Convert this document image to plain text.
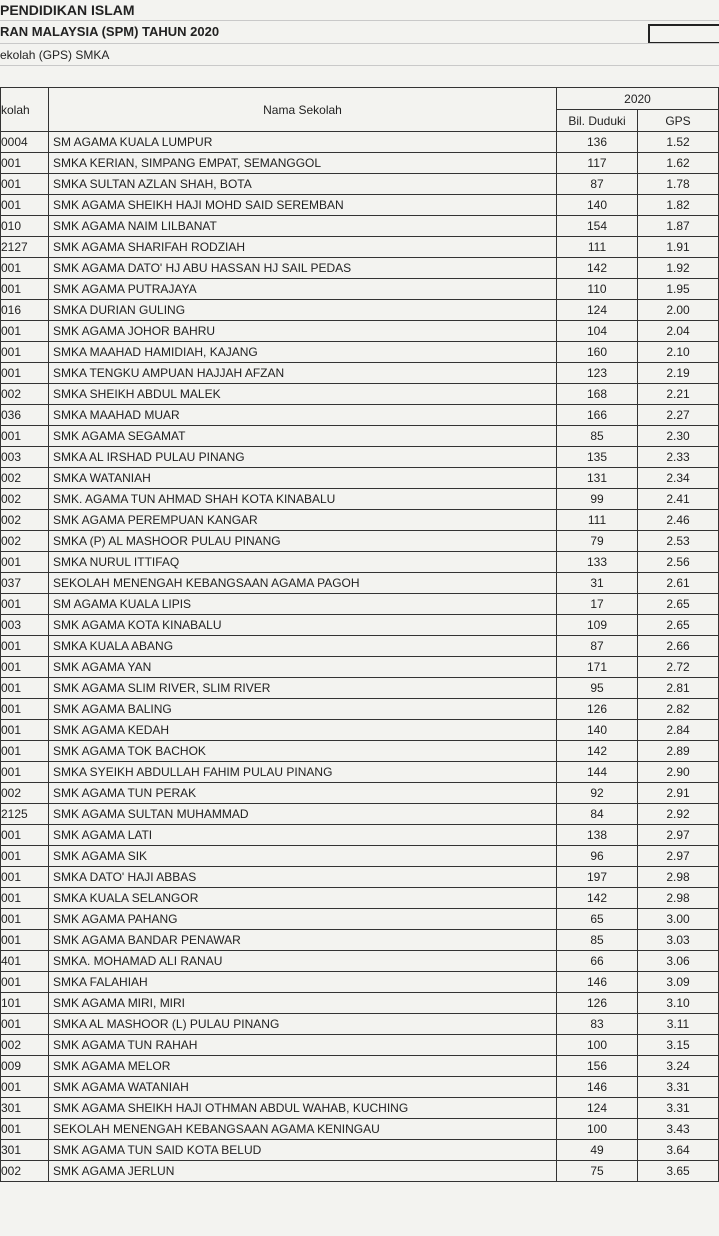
PENDIDIKAN ISLAM
RAN MALAYSIA (SPM) TAHUN 2020
ekolah (GPS) SMKA
kolah	Nama Sekolah	2020	
		Bil. Duduki	GPS
0004	SM AGAMA KUALA LUMPUR	136	1.52
001	SMKA KERIAN, SIMPANG EMPAT, SEMANGGOL	117	1.62
001	SMKA SULTAN AZLAN SHAH, BOTA	87	1.78
001	SMK AGAMA SHEIKH HAJI MOHD SAID SEREMBAN	140	1.82
010	SMK AGAMA NAIM LILBANAT	154	1.87
2127	SMK AGAMA SHARIFAH RODZIAH	111	1.91
001	SMK AGAMA DATO' HJ ABU HASSAN HJ SAIL PEDAS	142	1.92
001	SMK AGAMA PUTRAJAYA	110	1.95
016	SMKA DURIAN GULING	124	2.00
001	SMK AGAMA JOHOR BAHRU	104	2.04
001	SMKA MAAHAD HAMIDIAH, KAJANG	160	2.10
001	SMKA TENGKU AMPUAN HAJJAH AFZAN	123	2.19
002	SMKA SHEIKH ABDUL MALEK	168	2.21
036	SMKA MAAHAD MUAR	166	2.27
001	SMK AGAMA SEGAMAT	85	2.30
003	SMKA AL IRSHAD PULAU PINANG	135	2.33
002	SMKA WATANIAH	131	2.34
002	SMK. AGAMA TUN AHMAD SHAH KOTA KINABALU	99	2.41
002	SMK AGAMA PEREMPUAN KANGAR	111	2.46
002	SMKA (P) AL MASHOOR PULAU PINANG	79	2.53
001	SMKA NURUL ITTIFAQ	133	2.56
037	SEKOLAH MENENGAH KEBANGSAAN AGAMA PAGOH	31	2.61
001	SM AGAMA KUALA LIPIS	17	2.65
003	SMK AGAMA KOTA KINABALU	109	2.65
001	SMKA KUALA ABANG	87	2.66
001	SMK AGAMA YAN	171	2.72
001	SMK AGAMA SLIM RIVER, SLIM RIVER	95	2.81
001	SMK AGAMA BALING	126	2.82
001	SMK AGAMA KEDAH	140	2.84
001	SMK AGAMA TOK BACHOK	142	2.89
001	SMKA SYEIKH ABDULLAH FAHIM PULAU PINANG	144	2.90
002	SMK AGAMA TUN PERAK	92	2.91
2125	SMK AGAMA SULTAN MUHAMMAD	84	2.92
001	SMK AGAMA LATI	138	2.97
001	SMK AGAMA SIK	96	2.97
001	SMKA DATO' HAJI ABBAS	197	2.98
001	SMKA KUALA SELANGOR	142	2.98
001	SMK AGAMA PAHANG	65	3.00
001	SMK AGAMA BANDAR PENAWAR	85	3.03
401	SMKA. MOHAMAD ALI RANAU	66	3.06
001	SMKA FALAHIAH	146	3.09
101	SMK AGAMA MIRI, MIRI	126	3.10
001	SMKA AL MASHOOR (L) PULAU PINANG	83	3.11
002	SMK AGAMA TUN RAHAH	100	3.15
009	SMK AGAMA MELOR	156	3.24
001	SMK AGAMA WATANIAH	146	3.31
301	SMK AGAMA SHEIKH HAJI OTHMAN ABDUL WAHAB, KUCHING	124	3.31
001	SEKOLAH MENENGAH KEBANGSAAN AGAMA KENINGAU	100	3.43
301	SMK AGAMA TUN SAID KOTA BELUD	49	3.64
002	SMK AGAMA JERLUN	75	3.65
